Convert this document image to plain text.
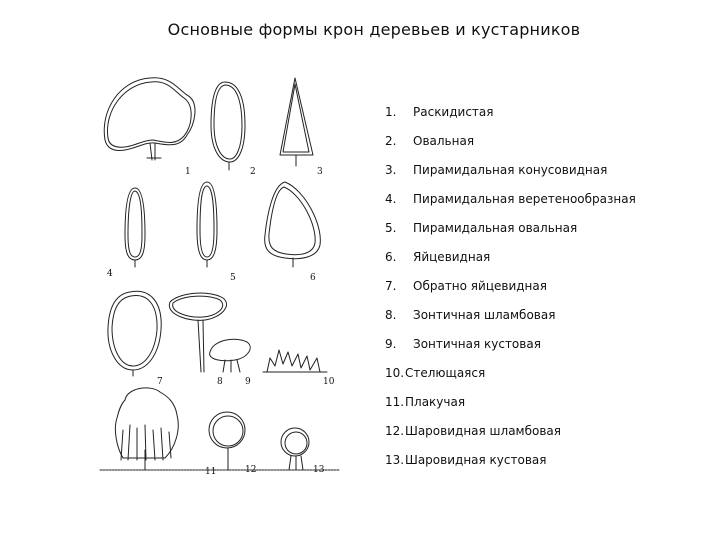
Основные формы крон деревьев и кустарников
1	2	3
4	5	6
7	8 9	10
11	12	13
1. Раскидистая
2. Овальная
3. Пирамидальная конусовидная
4. Пирамидальная веретенообразная
5. Пирамидальная овальная
6. Яйцевидная
7. Обратно яйцевидная
8. Зонтичная шламбовая
9. Зонтичная кустовая
10.Стелющаяся
11.Плакучая
12.Шаровидная шламбовая
13.Шаровидная кустовая
